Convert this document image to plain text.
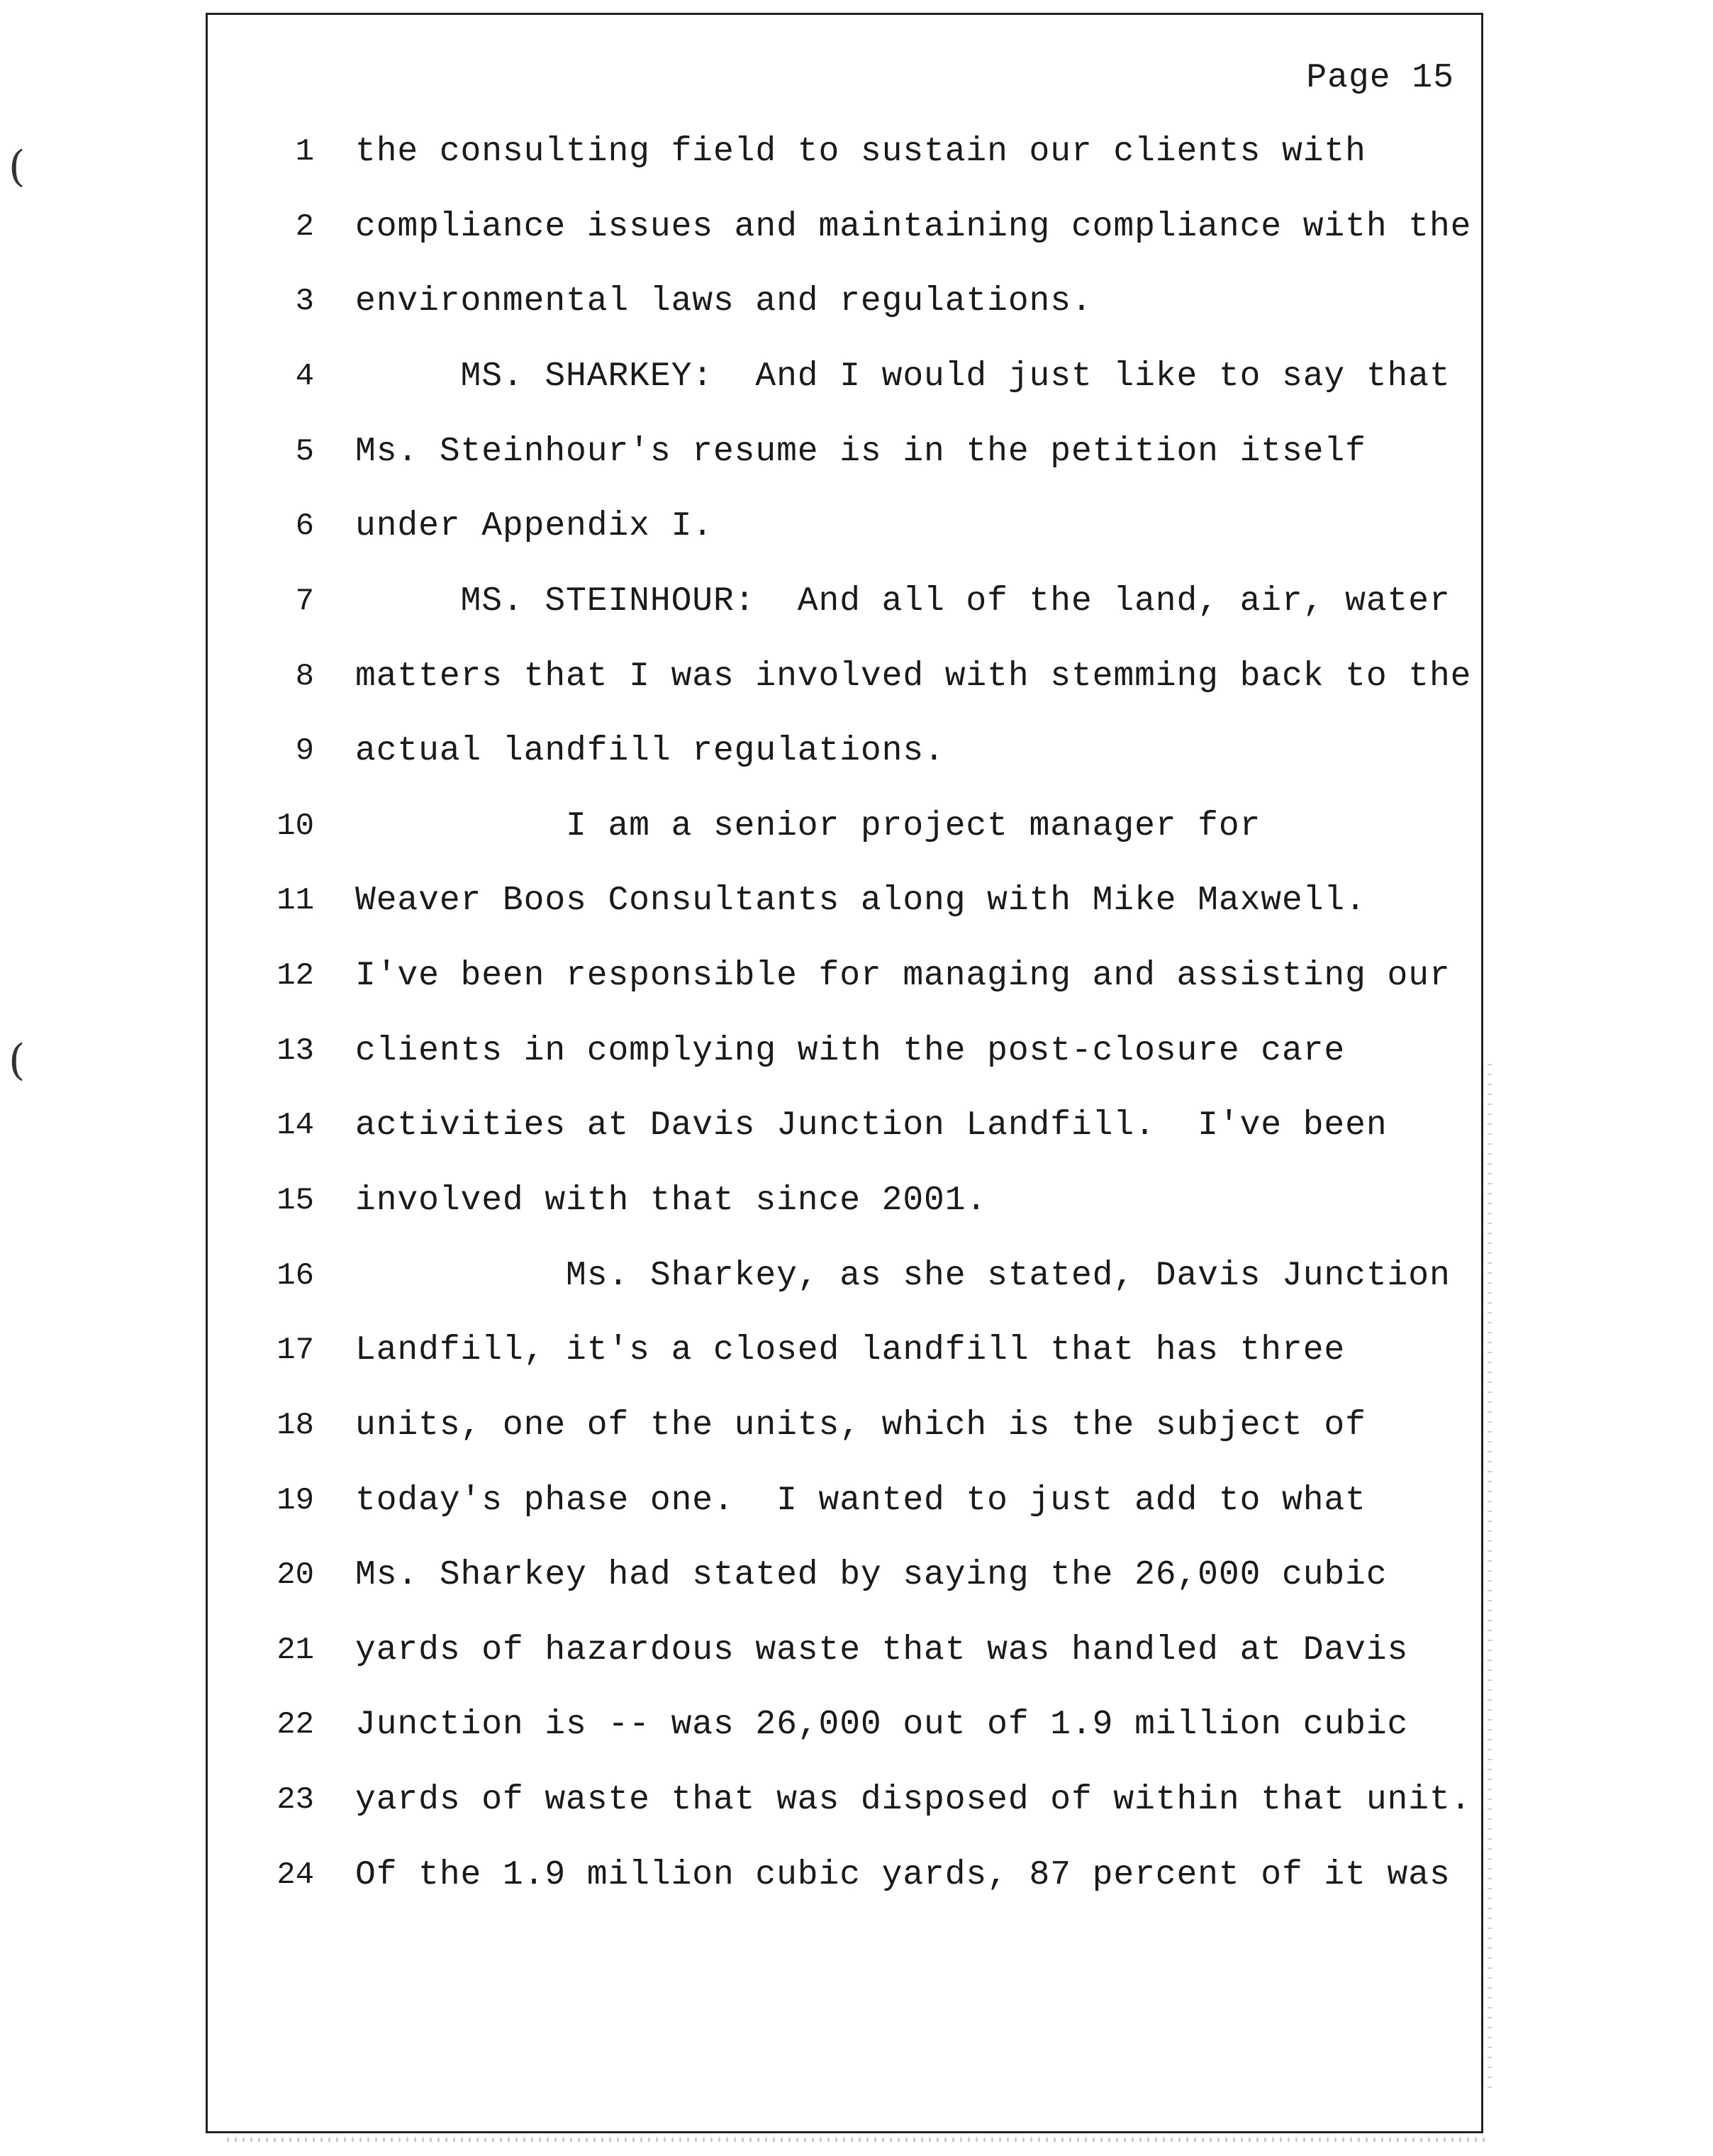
(
(
Page 15
1 the consulting field to sustain our clients with
2 compliance issues and maintaining compliance with the
3 environmental laws and regulations.
4 MS. SHARKEY:  And I would just like to say that
5 Ms. Steinhour's resume is in the petition itself
6 under Appendix I.
7 MS. STEINHOUR:  And all of the land, air, water
8 matters that I was involved with stemming back to the
9 actual landfill regulations.
10 I am a senior project manager for
11 Weaver Boos Consultants along with Mike Maxwell.
12 I've been responsible for managing and assisting our
13 clients in complying with the post-closure care
14 activities at Davis Junction Landfill.  I've been
15 involved with that since 2001.
16 Ms. Sharkey, as she stated, Davis Junction
17 Landfill, it's a closed landfill that has three
18 units, one of the units, which is the subject of
19 today's phase one.  I wanted to just add to what
20 Ms. Sharkey had stated by saying the 26,000 cubic
21 yards of hazardous waste that was handled at Davis
22 Junction is -- was 26,000 out of 1.9 million cubic
23 yards of waste that was disposed of within that unit.
24 Of the 1.9 million cubic yards, 87 percent of it was
